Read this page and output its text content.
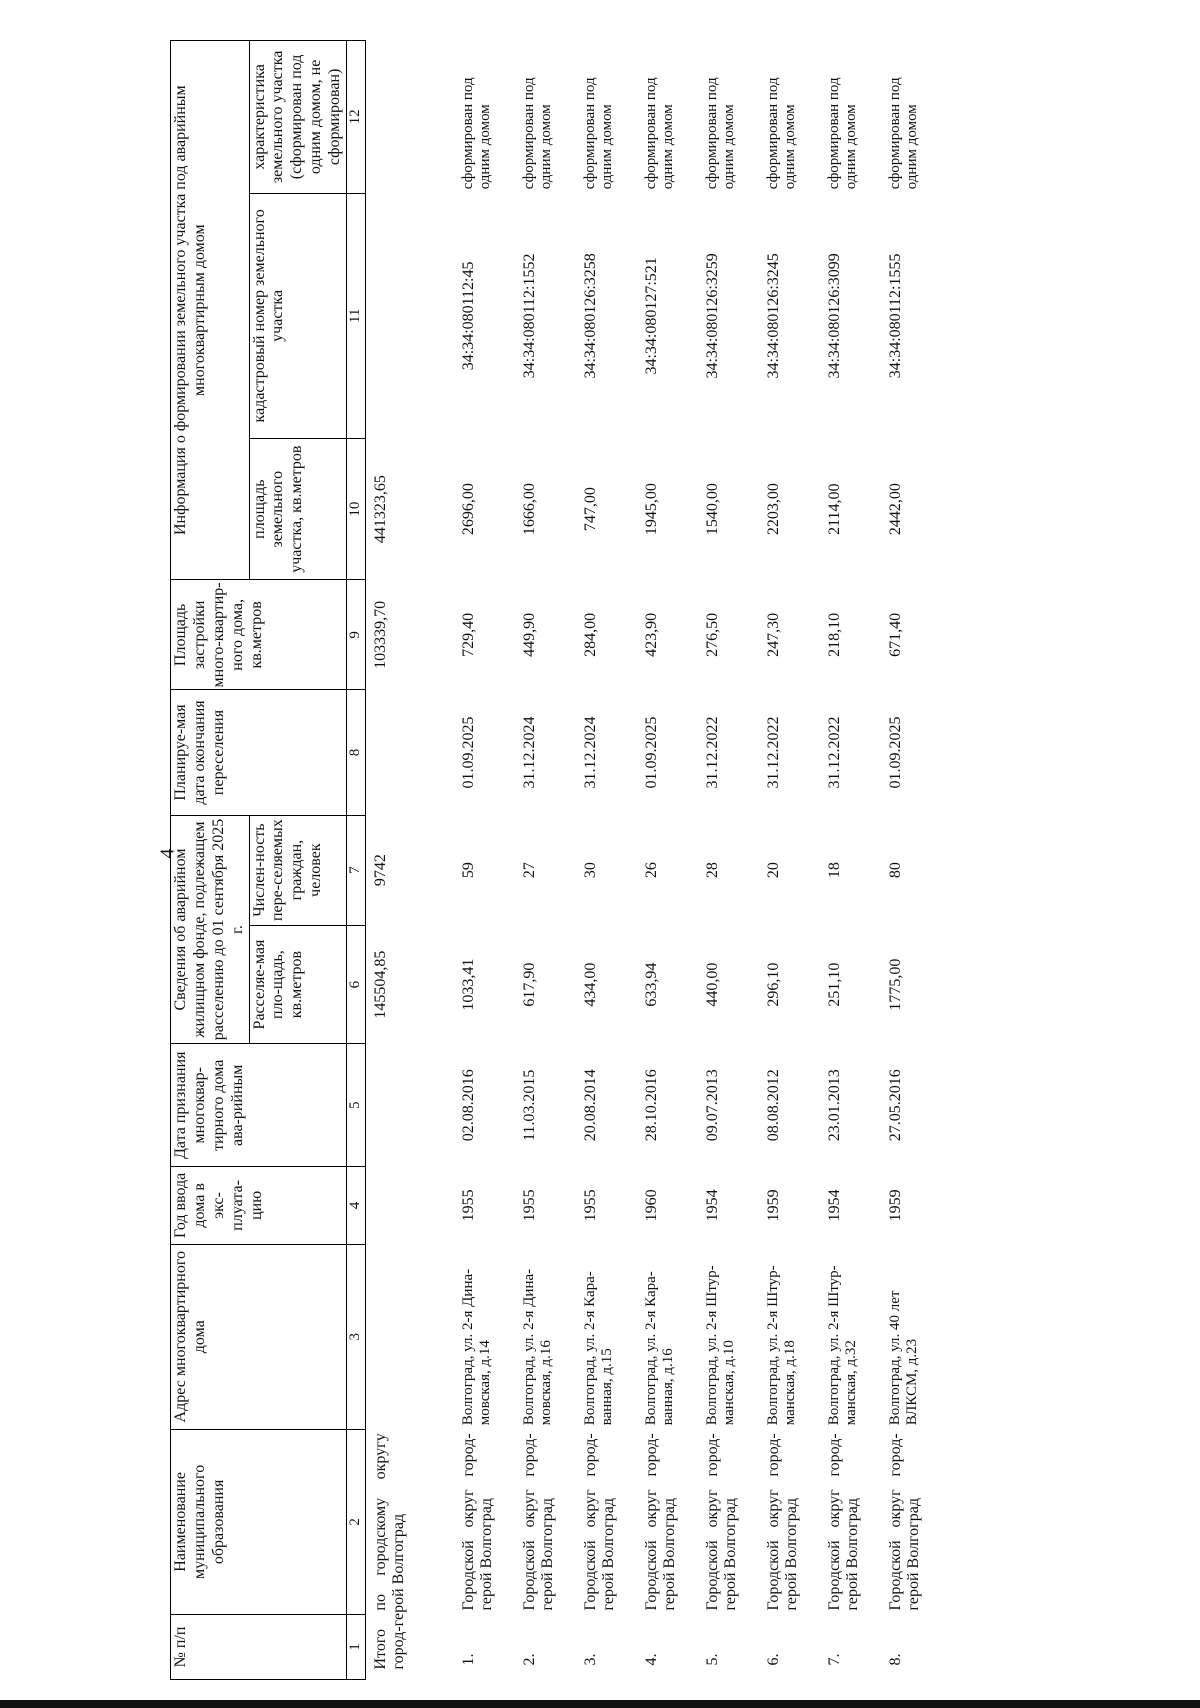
4
№ п/п	Наименование муниципального образования	Адрес многоквартирного дома	Год ввода дома в экс-плуата-цию	Дата признания многоквар-тирного дома ава-рийным	Сведения об аварийном жилищном фонде, подлежащем расселению до 01 сентября 2025 г.		Планируе-мая дата окончания переселения	Площадь застройки много-квартир-ного дома, кв.метров	Информация о формировании земельного участка под аварийным многоквартирным домом		
					Расселяе-мая пло-щадь, кв.метров	Числен-ность пере-селяемых граждан, человек			площадь земельного участка, кв.метров	кадастровый номер земельного участка	характеристика земельного участка (сформирован под одним домом, не сформирован)
1	2	3	4	5	6	7	8	9	10	11	12
Итого по городскому округу город-герой Волгоград					145504,85	9742		103339,70	441323,65		
1.	Городской округ город-герой Волгоград	Волгоград, ул. 2-я Дина-мовская, д.14	1955	02.08.2016	1033,41	59	01.09.2025	729,40	2696,00	34:34:080112:45	сформирован под одним домом
2.	Городской округ город-герой Волгоград	Волгоград, ул. 2-я Дина-мовская, д.16	1955	11.03.2015	617,90	27	31.12.2024	449,90	1666,00	34:34:080112:1552	сформирован под одним домом
3.	Городской округ город-герой Волгоград	Волгоград, ул. 2-я Кара-ванная, д.15	1955	20.08.2014	434,00	30	31.12.2024	284,00	747,00	34:34:080126:3258	сформирован под одним домом
4.	Городской округ город-герой Волгоград	Волгоград, ул. 2-я Кара-ванная, д.16	1960	28.10.2016	633,94	26	01.09.2025	423,90	1945,00	34:34:080127:521	сформирован под одним домом
5.	Городской округ город-герой Волгоград	Волгоград, ул. 2-я Штур-манская, д.10	1954	09.07.2013	440,00	28	31.12.2022	276,50	1540,00	34:34:080126:3259	сформирован под одним домом
6.	Городской округ город-герой Волгоград	Волгоград, ул. 2-я Штур-манская, д.18	1959	08.08.2012	296,10	20	31.12.2022	247,30	2203,00	34:34:080126:3245	сформирован под одним домом
7.	Городской округ город-герой Волгоград	Волгоград, ул. 2-я Штур-манская, д.32	1954	23.01.2013	251,10	18	31.12.2022	218,10	2114,00	34:34:080126:3099	сформирован под одним домом
8.	Городской округ город-герой Волгоград	Волгоград, ул. 40 лет ВЛКСМ, д.23	1959	27.05.2016	1775,00	80	01.09.2025	671,40	2442,00	34:34:080112:1555	сформирован под одним домом
